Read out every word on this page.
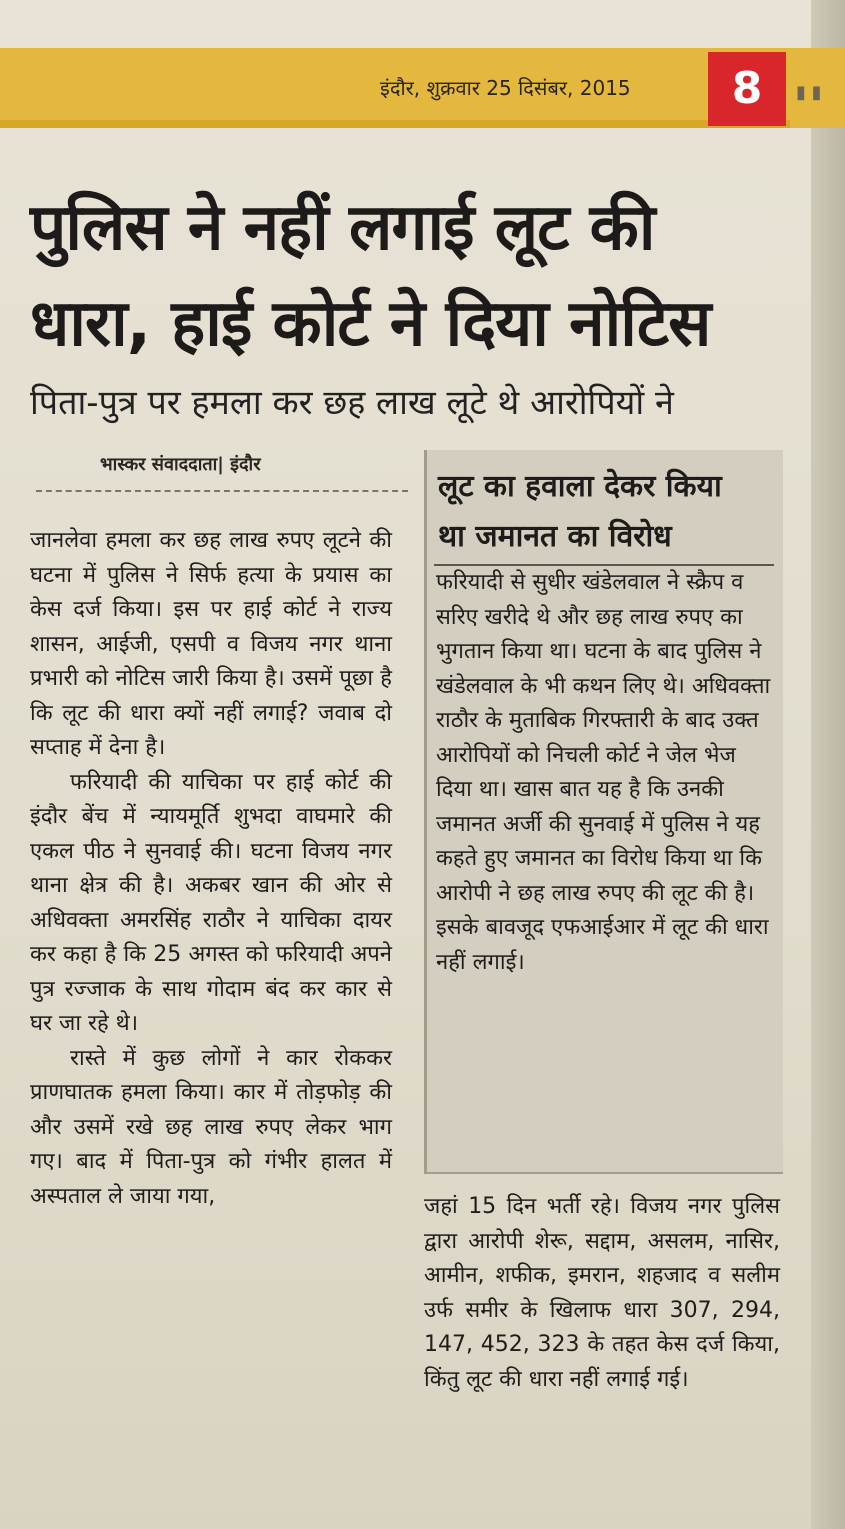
इंदौर, शुक्रवार 25 दिसंबर, 2015	8	▮ ▮
पुलिस ने नहीं लगाई लूट की
धारा, हाई कोर्ट ने दिया नोटिस
पिता-पुत्र पर हमला कर छह लाख लूटे थे आरोपियों ने
भास्कर संवाददाता| इंदौर

जानलेवा हमला कर छह लाख रुपए लूटने की घटना में पुलिस ने सिर्फ हत्या के प्रयास का केस दर्ज किया। इस पर हाई कोर्ट ने राज्य शासन, आईजी, एसपी व विजय नगर थाना प्रभारी को नोटिस जारी किया है। उसमें पूछा है कि लूट की धारा क्यों नहीं लगाई? जवाब दो सप्ताह में देना है।

फरियादी की याचिका पर हाई कोर्ट की इंदौर बेंच में न्यायमूर्ति शुभदा वाघमारे की एकल पीठ ने सुनवाई की। घटना विजय नगर थाना क्षेत्र की है। अकबर खान की ओर से अधिवक्ता अमरसिंह राठौर ने याचिका दायर कर कहा है कि 25 अगस्त को फरियादी अपने पुत्र रज्जाक के साथ गोदाम बंद कर कार से घर जा रहे थे।

रास्ते में कुछ लोगों ने कार रोककर प्राणघातक हमला किया। कार में तोड़फोड़ की और उसमें रखे छह लाख रुपए लेकर भाग गए। बाद में पिता-पुत्र को गंभीर हालत में अस्पताल ले जाया गया,

लूट का हवाला देकर किया
था जमानत का विरोध

फरियादी से सुधीर खंडेलवाल ने स्क्रैप व सरिए खरीदे थे और छह लाख रुपए का भुगतान किया था। घटना के बाद पुलिस ने खंडेलवाल के भी कथन लिए थे। अधिवक्ता राठौर के मुताबिक गिरफ्तारी के बाद उक्त आरोपियों को निचली कोर्ट ने जेल भेज दिया था। खास बात यह है कि उनकी जमानत अर्जी की सुनवाई में पुलिस ने यह कहते हुए जमानत का विरोध किया था कि आरोपी ने छह लाख रुपए की लूट की है। इसके बावजूद एफआईआर में लूट की धारा नहीं लगाई।

जहां 15 दिन भर्ती रहे। विजय नगर पुलिस द्वारा आरोपी शेरू, सद्दाम, असलम, नासिर, आमीन, शफीक, इमरान, शहजाद व सलीम उर्फ समीर के खिलाफ धारा 307, 294, 147, 452, 323 के तहत केस दर्ज किया, किंतु लूट की धारा नहीं लगाई गई।
